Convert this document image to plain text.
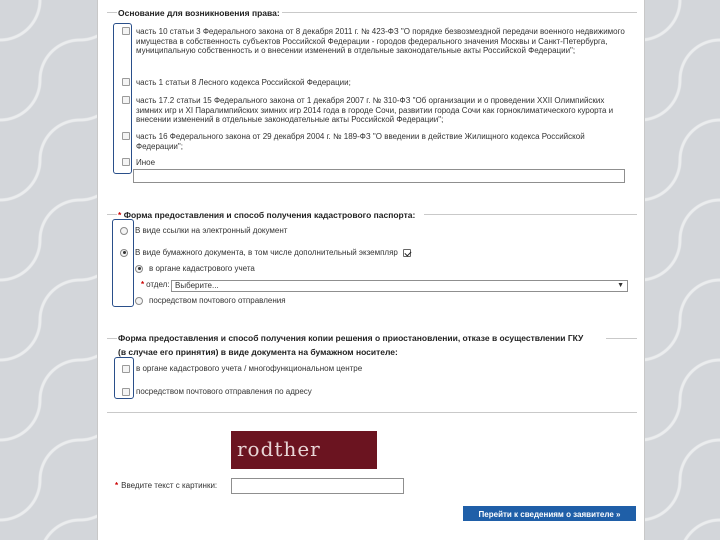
Основание для возникновения права:
часть 10 статьи 3 Федерального закона от 8 декабря 2011 г. № 423-ФЗ "О порядке безвозмездной передачи военного недвижимого имущества в собственность субъектов Российской Федерации - городов федерального значения Москвы и Санкт-Петербурга, муниципальную собственность и о внесении изменений в отдельные законодательные акты Российской Федерации";
часть 1 статьи 8 Лесного кодекса Российской Федерации;
часть 17.2 статьи 15 Федерального закона от 1 декабря 2007 г. № 310-ФЗ "Об организации и о проведении XXII Олимпийских зимних игр и XI Паралимпийских зимних игр 2014 года в городе Сочи, развитии города Сочи как горноклиматического курорта и внесении изменений в отдельные законодательные акты Российской Федерации";
часть 16 Федерального закона от 29 декабря 2004 г. № 189-ФЗ "О введении в действие Жилищного кодекса Российской Федерации";
Иное
* Форма предоставления и способ получения кадастрового паспорта:
В виде ссылки на электронный документ
В виде бумажного документа, в том числе дополнительный экземпляр
в органе кадастрового учета
* отдел: Выберите...	▼
посредством почтового отправления
Форма предоставления и способ получения копии решения о приостановлении, отказе в осуществлении ГКУ
(в случае его принятия) в виде документа на бумажном носителе:
в органе кадастрового учета / многофункциональном центре
посредством почтового отправления по адресу
rodther
* Введите текст с картинки:
Перейти к сведениям о заявителе »
